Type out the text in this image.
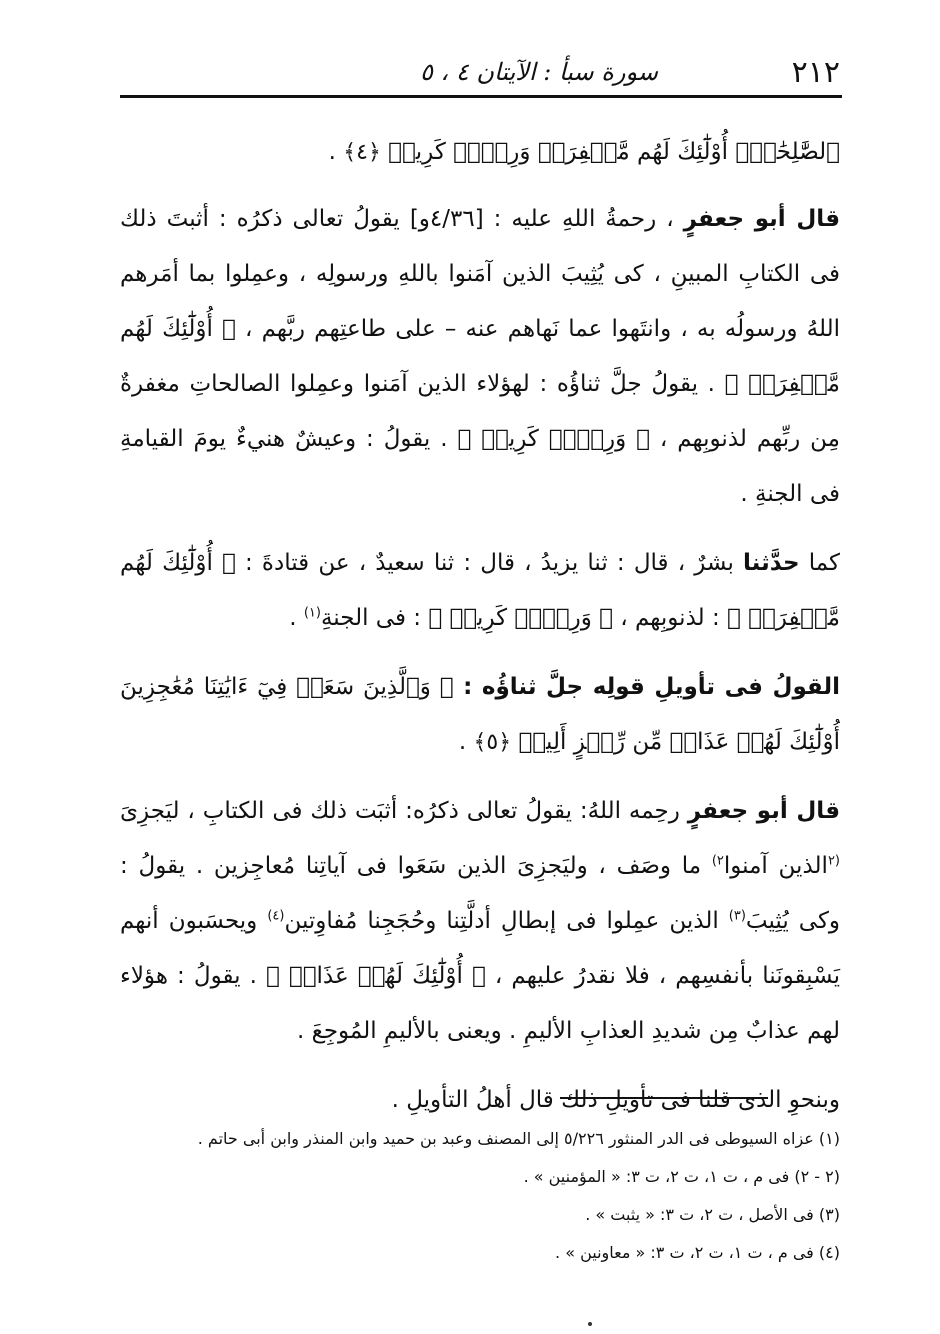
٢١٢
سورة سبأ : الآيتان ٤ ، ٥

ٱلصَّٰلِحَٰتِۚ أُوْلَٰٓئِكَ لَهُم مَّغۡفِرَةٞ وَرِزۡقٞ كَرِيمٞ ﴿٤﴾ .

قال أبو جعفرٍ ، رحمةُ اللهِ عليه : [٤/٣٦و] يقولُ تعالى ذكرُه : أثبتَ ذلك فى الكتابِ المبينِ ، كى يُثِيبَ الذين آمَنوا باللهِ ورسولِه ، وعمِلوا بما أمَرهم اللهُ ورسولُه به ، وانتَهوا عما نَهاهم عنه – على طاعتِهم ربَّهم ، ﴿ أُوْلَٰٓئِكَ لَهُم مَّغۡفِرَةٞ ﴾ . يقولُ جلَّ ثناؤُه : لهؤلاء الذين آمَنوا وعمِلوا الصالحاتِ مغفرةٌ مِن ربِّهم لذنوبِهم ، ﴿ وَرِزۡقٞ كَرِيمٞ ﴾ . يقولُ : وعيشٌ هنيءٌ يومَ القيامةِ فى الجنةِ .

كما حدَّثنا بشرٌ ، قال : ثنا يزيدُ ، قال : ثنا سعيدٌ ، عن قتادةَ : ﴿ أُوْلَٰٓئِكَ لَهُم مَّغۡفِرَةٞ ﴾ : لذنوبِهم ، ﴿ وَرِزۡقٞ كَرِيمٞ ﴾ : فى الجنةِ$^{(١)}$ .

القولُ فى تأويلِ قولِه جلَّ ثناؤُه : ﴿ وَٱلَّذِينَ سَعَوۡ فِيٓ ءَايَٰتِنَا مُعَٰجِزِينَ أُوْلَٰٓئِكَ لَهُمۡ عَذَابٞ مِّن رِّجۡزٍ أَلِيمٞ ﴿٥﴾ .

قال أبو جعفرٍ رحِمه اللهُ: يقولُ تعالى ذكرُه: أثبَت ذلك فى الكتابِ ، ليَجزِىَ $^{(٢}$الذين آمنوا$^{٢)}$ ما وصَف ، وليَجزِىَ الذين سَعَوا فى آياتِنا مُعاجِزين . يقولُ : وكى يُثِيبَ$^{(٣)}$ الذين عمِلوا فى إبطالِ أدلَّتِنا وحُجَجِنا مُفاوِتين$^{(٤)}$ ويحسَبون أنهم يَسْبِقونَنا بأنفسِهم ، فلا نقدرُ عليهم ، ﴿ أُوْلَٰٓئِكَ لَهُمۡ عَذَابٞ ﴾ . يقولُ : هؤلاء لهم عذابٌ مِن شديدِ العذابِ الأليمِ . ويعنى بالأليمِ المُوجِعَ .

وبنحوِ الذى قلنا فى تأويلِ ذلك قال أهلُ التأويلِ .

(١) عزاه السيوطى فى الدر المنثور ٥/٢٢٦ إلى المصنف وعبد بن حميد وابن المنذر وابن أبى حاتم .
(٢ - ٢) فى م ، ت ١، ت ٢، ت ٣: « المؤمنين » .
(٣) فى الأصل ، ت ٢، ت ٣: « يثبت » .
(٤) فى م ، ت ١، ت ٢، ت ٣: « معاونين » .
